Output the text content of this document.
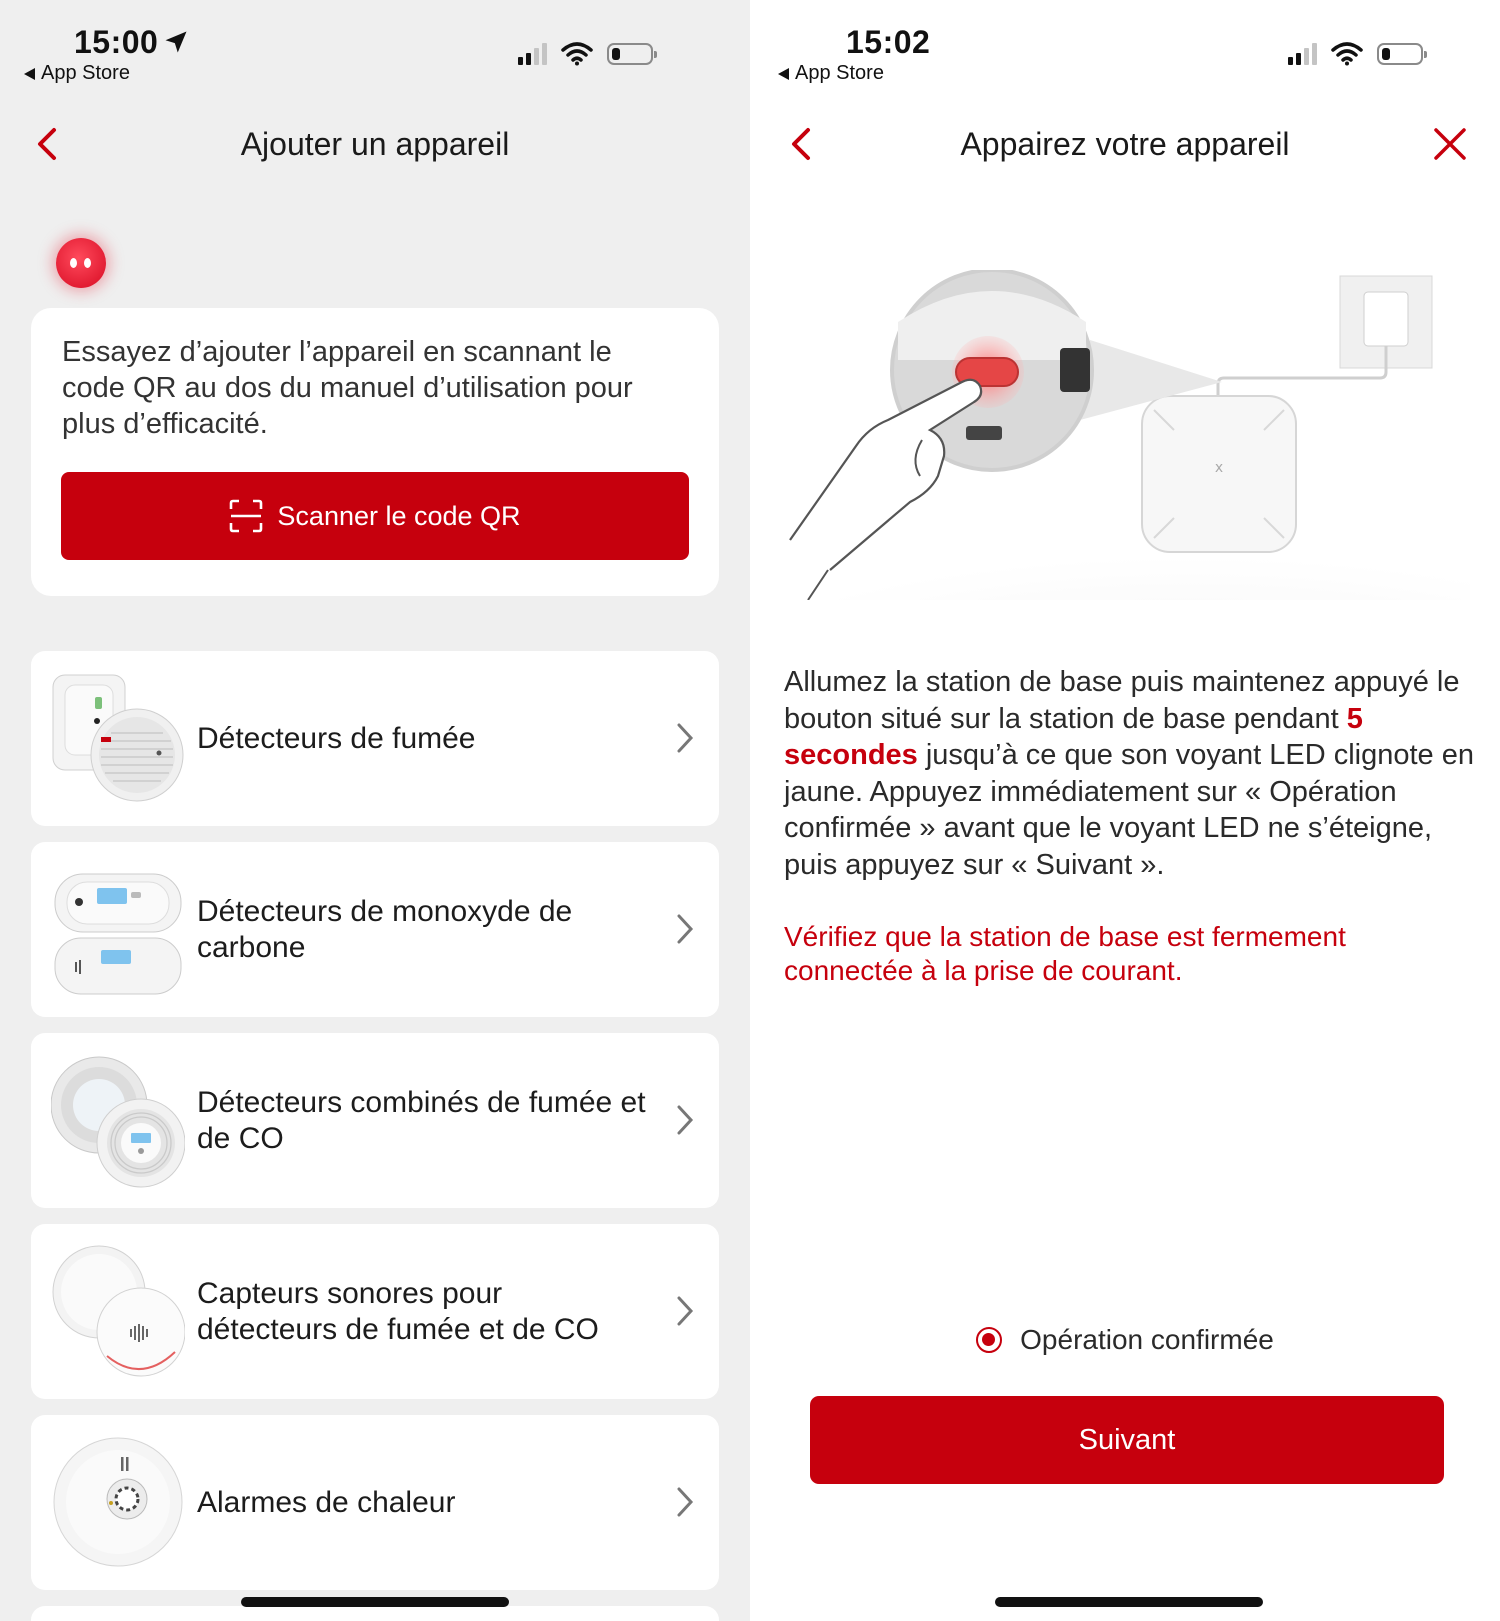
15:00
App Store
Ajouter un appareil
Essayez d’ajouter l’appareil en scannant le code QR au dos du manuel d’utilisation pour plus d’efficacité.
Scanner le code QR
Détecteurs de fumée
Détecteurs de monoxyde de carbone
Détecteurs combinés de fumée et de CO
Capteurs sonores pour détecteurs de fumée et de CO
Alarmes de chaleur
15:02
App Store
Appairez votre appareil
x
Allumez la station de base puis maintenez appuyé le bouton situé sur la station de base pendant 5 secondes jusqu’à ce que son voyant LED clignote en jaune. Appuyez immédiatement sur « Opération confirmée » avant que le voyant LED ne s’éteigne, puis appuyez sur « Suivant ».
Vérifiez que la station de base est fermement connectée à la prise de courant.
Opération confirmée
Suivant
